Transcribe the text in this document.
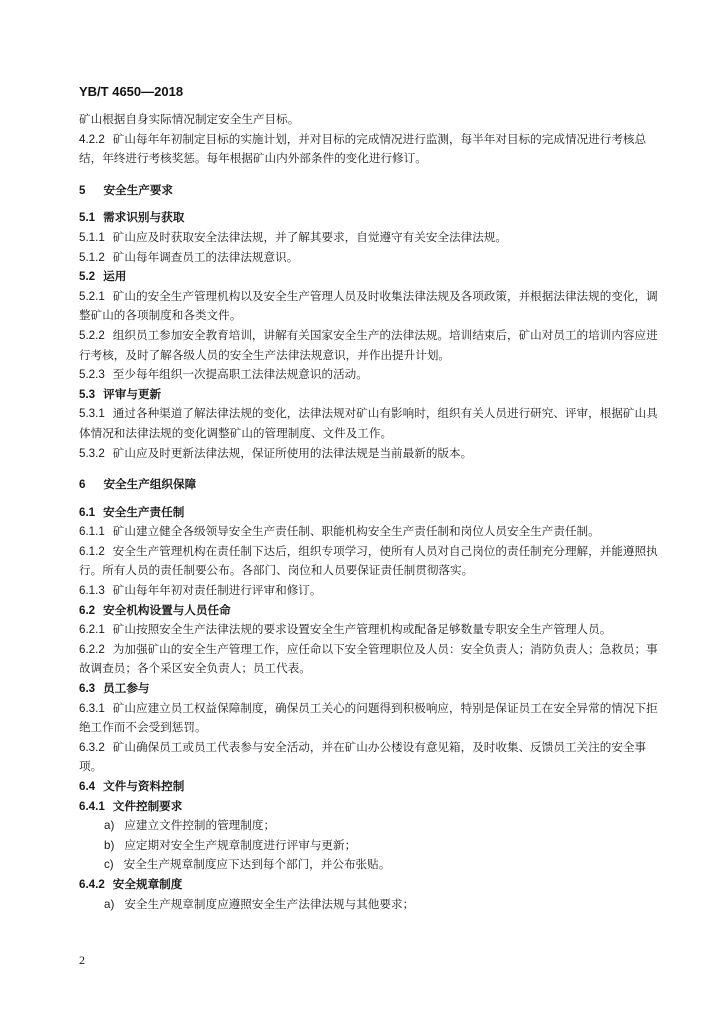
YB/T 4650—2018

矿山根据自身实际情况制定安全生产目标。

4.2.2 矿山每年年初制定目标的实施计划，并对目标的完成情况进行监测，每半年对目标的完成情况进行考核总结，年终进行考核奖惩。每年根据矿山内外部条件的变化进行修订。

5 安全生产要求

5.1 需求识别与获取

5.1.1 矿山应及时获取安全法律法规，并了解其要求，自觉遵守有关安全法律法规。

5.1.2 矿山每年调查员工的法律法规意识。

5.2 运用

5.2.1 矿山的安全生产管理机构以及安全生产管理人员及时收集法律法规及各项政策，并根据法律法规的变化，调整矿山的各项制度和各类文件。

5.2.2 组织员工参加安全教育培训，讲解有关国家安全生产的法律法规。培训结束后，矿山对员工的培训内容应进行考核，及时了解各级人员的安全生产法律法规意识，并作出提升计划。

5.2.3 至少每年组织一次提高职工法律法规意识的活动。

5.3 评审与更新

5.3.1 通过各种渠道了解法律法规的变化，法律法规对矿山有影响时，组织有关人员进行研究、评审，根据矿山具体情况和法律法规的变化调整矿山的管理制度、文件及工作。

5.3.2 矿山应及时更新法律法规，保证所使用的法律法规是当前最新的版本。

6 安全生产组织保障

6.1 安全生产责任制

6.1.1 矿山建立健全各级领导安全生产责任制、职能机构安全生产责任制和岗位人员安全生产责任制。

6.1.2 安全生产管理机构在责任制下达后，组织专项学习，使所有人员对自己岗位的责任制充分理解，并能遵照执行。所有人员的责任制要公布。各部门、岗位和人员要保证责任制贯彻落实。

6.1.3 矿山每年年初对责任制进行评审和修订。

6.2 安全机构设置与人员任命

6.2.1 矿山按照安全生产法律法规的要求设置安全生产管理机构或配备足够数量专职安全生产管理人员。

6.2.2 为加强矿山的安全生产管理工作，应任命以下安全管理职位及人员：安全负责人；消防负责人；急救员；事故调查员；各个采区安全负责人；员工代表。

6.3 员工参与

6.3.1 矿山应建立员工权益保障制度，确保员工关心的问题得到积极响应，特别是保证员工在安全异常的情况下拒绝工作而不会受到惩罚。

6.3.2 矿山确保员工或员工代表参与安全活动，并在矿山办公楼设有意见箱，及时收集、反馈员工关注的安全事项。

6.4 文件与资料控制

6.4.1 文件控制要求

a) 应建立文件控制的管理制度；

b) 应定期对安全生产规章制度进行评审与更新；

c) 安全生产规章制度应下达到每个部门，并公布张贴。

6.4.2 安全规章制度

a) 安全生产规章制度应遵照安全生产法律法规与其他要求；

2
